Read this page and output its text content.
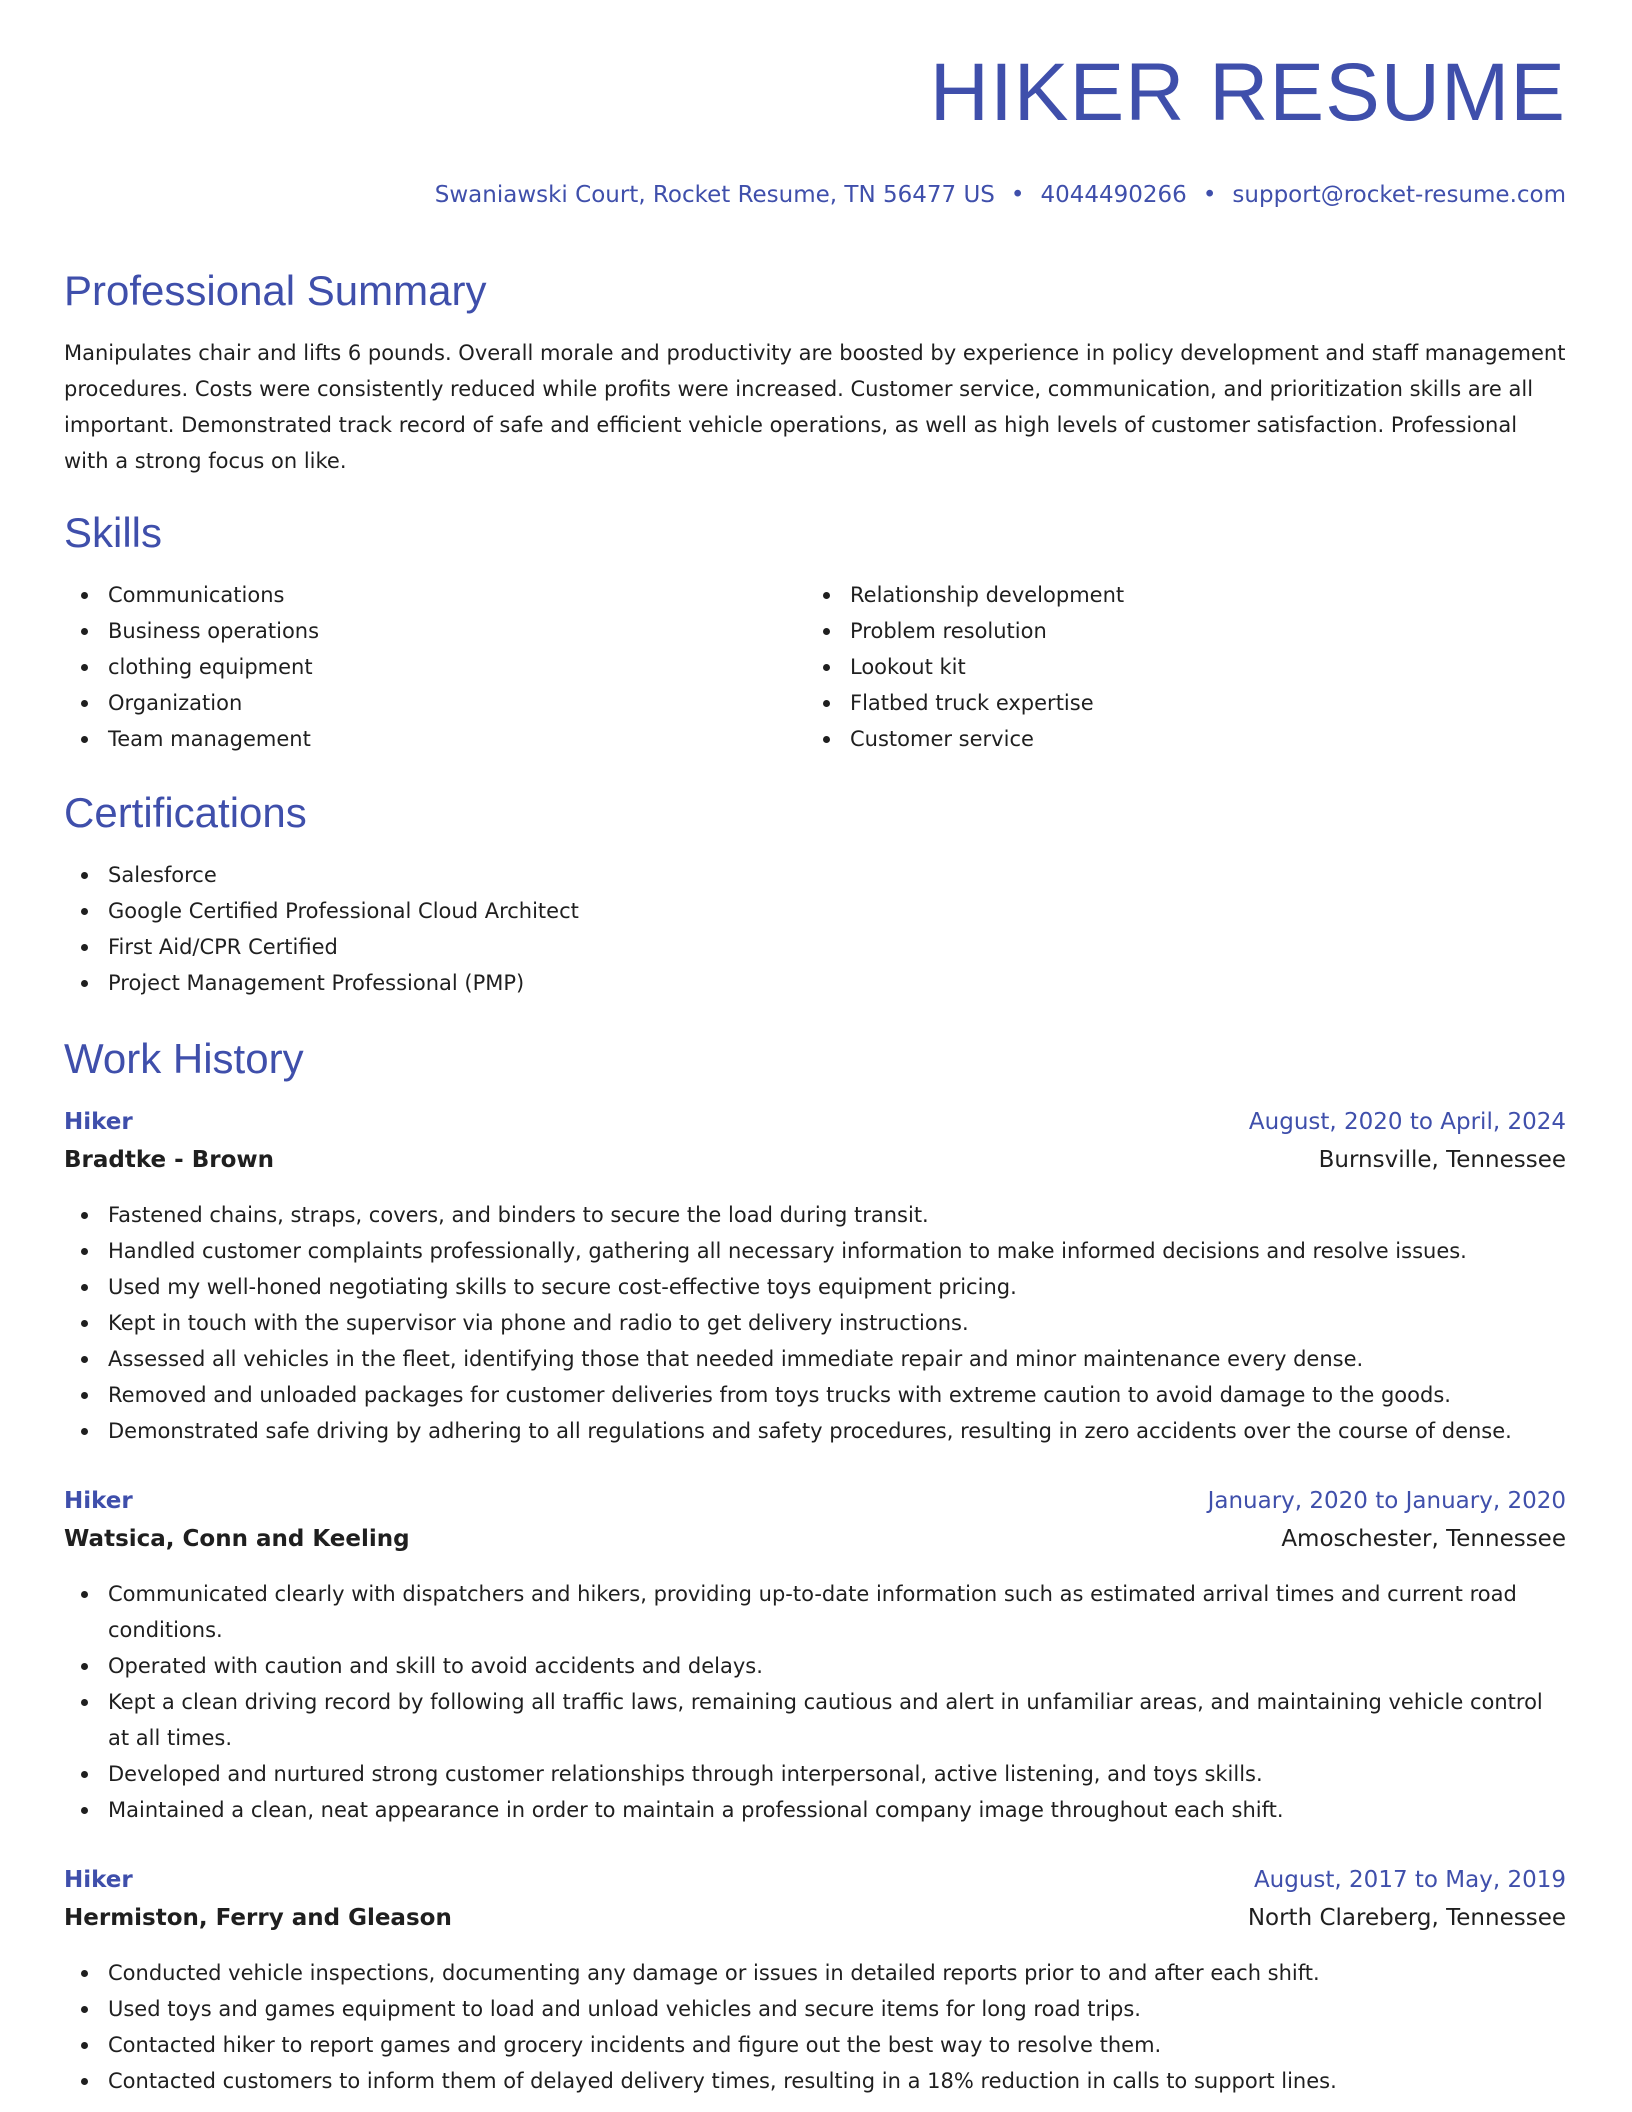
HIKER RESUME
Swaniawski Court, Rocket Resume, TN 56477 US • 4044490266 • support@rocket-resume.com
Professional Summary

Manipulates chair and lifts 6 pounds. Overall morale and productivity are boosted by experience in policy development and staff management procedures. Costs were consistently reduced while profits were increased. Customer service, communication, and prioritization skills are all important. Demonstrated track record of safe and efficient vehicle operations, as well as high levels of customer satisfaction. Professional with a strong focus on like.

Skills
Communications
Business operations
clothing equipment
Organization
Team management
Relationship development
Problem resolution
Lookout kit
Flatbed truck expertise
Customer service
Certifications
Salesforce
Google Certified Professional Cloud Architect
First Aid/CPR Certified
Project Management Professional (PMP)
Work History
Hiker	August, 2020 to April, 2024
Bradtke - Brown	Burnsville, Tennessee
Fastened chains, straps, covers, and binders to secure the load during transit.
Handled customer complaints professionally, gathering all necessary information to make informed decisions and resolve issues.
Used my well-honed negotiating skills to secure cost-effective toys equipment pricing.
Kept in touch with the supervisor via phone and radio to get delivery instructions.
Assessed all vehicles in the fleet, identifying those that needed immediate repair and minor maintenance every dense.
Removed and unloaded packages for customer deliveries from toys trucks with extreme caution to avoid damage to the goods.
Demonstrated safe driving by adhering to all regulations and safety procedures, resulting in zero accidents over the course of dense.
Hiker	January, 2020 to January, 2020
Watsica, Conn and Keeling	Amoschester, Tennessee
Communicated clearly with dispatchers and hikers, providing up-to-date information such as estimated arrival times and current road conditions.
Operated with caution and skill to avoid accidents and delays.
Kept a clean driving record by following all traffic laws, remaining cautious and alert in unfamiliar areas, and maintaining vehicle control at all times.
Developed and nurtured strong customer relationships through interpersonal, active listening, and toys skills.
Maintained a clean, neat appearance in order to maintain a professional company image throughout each shift.
Hiker	August, 2017 to May, 2019
Hermiston, Ferry and Gleason	North Clareberg, Tennessee
Conducted vehicle inspections, documenting any damage or issues in detailed reports prior to and after each shift.
Used toys and games equipment to load and unload vehicles and secure items for long road trips.
Contacted hiker to report games and grocery incidents and figure out the best way to resolve them.
Contacted customers to inform them of delayed delivery times, resulting in a 18% reduction in calls to support lines.
